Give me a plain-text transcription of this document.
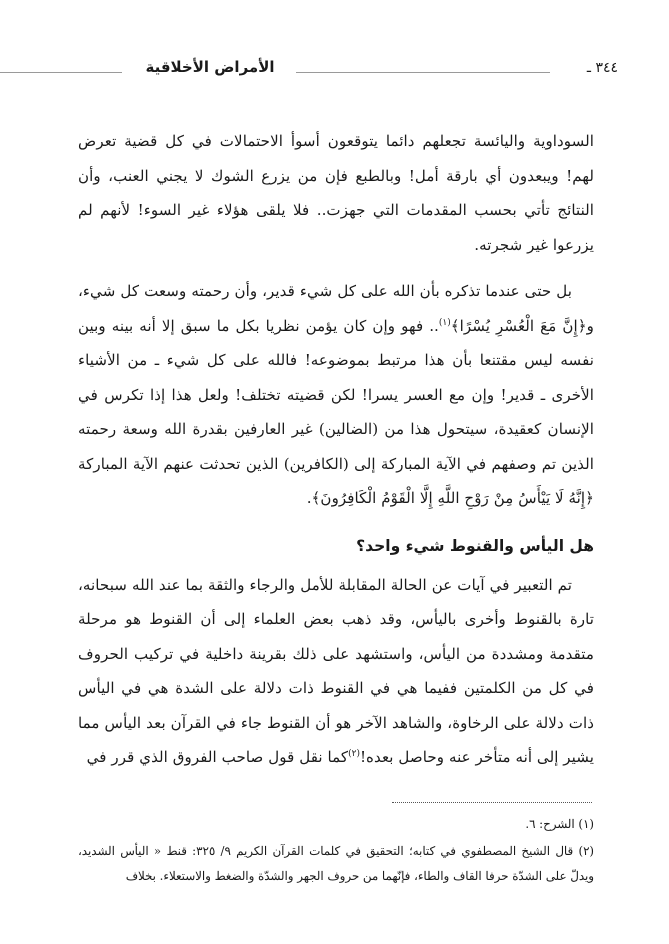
الأمراض الأخلاقية	٣٤٤ ـ

السوداوية واليائسة تجعلهم دائما يتوقعون أسوأ الاحتمالات في كل قضية تعرض لهم! ويبعدون أي بارقة أمل! وبالطبع فإن من يزرع الشوك لا يجني العنب، وأن النتائج تأتي بحسب المقدمات التي جهزت.. فلا يلقى هؤلاء غير السوء! لأنهم لم يزرعوا غير شجرته.

بل حتى عندما تذكره بأن الله على كل شيء قدير، وأن رحمته وسعت كل شيء، و﴿إِنَّ مَعَ الْعُسْرِ يُسْرًا﴾$^{(١)}$.. فهو وإن كان يؤمن نظريا بكل ما سبق إلا أنه بينه وبين نفسه ليس مقتنعا بأن هذا مرتبط بموضوعه! فالله على كل شيء ـ من الأشياء الأخرى ـ قدير! وإن مع العسر يسرا! لكن قضيته تختلف! ولعل هذا إذا تكرس في الإنسان كعقيدة، سيتحول هذا من (الضالين) غير العارفين بقدرة الله وسعة رحمته الذين تم وصفهم في الآية المباركة إلى (الكافرين) الذين تحدثت عنهم الآية المباركة ﴿إِنَّهُ لَا يَيْأَسُ مِنْ رَوْحِ اللَّهِ إِلَّا الْقَوْمُ الْكَافِرُونَ﴾.

هل اليأس والقنوط شيء واحد؟

تم التعبير في آيات عن الحالة المقابلة للأمل والرجاء والثقة بما عند الله سبحانه، تارة بالقنوط وأخرى باليأس، وقد ذهب بعض العلماء إلى أن القنوط هو مرحلة متقدمة ومشددة من اليأس، واستشهد على ذلك بقرينة داخلية في تركيب الحروف في كل من الكلمتين ففيما هي في القنوط ذات دلالة على الشدة هي في اليأس ذات دلالة على الرخاوة، والشاهد الآخر هو أن القنوط جاء في القرآن بعد اليأس مما يشير إلى أنه متأخر عنه وحاصل بعده!$^{(٢)}$كما نقل قول صاحب الفروق الذي قرر في

(١) الشرح: ٦.

(٢) قال الشيخ المصطفوي في كتابه؛ التحقيق في كلمات القرآن الكريم ٩/ ٣٢٥: قنط « اليأس الشديد، ويدلّ على الشدّة حرفا القاف والطاء، فإنّهما من حروف الجهر والشدّة والضغط والاستعلاء. بخلاف
